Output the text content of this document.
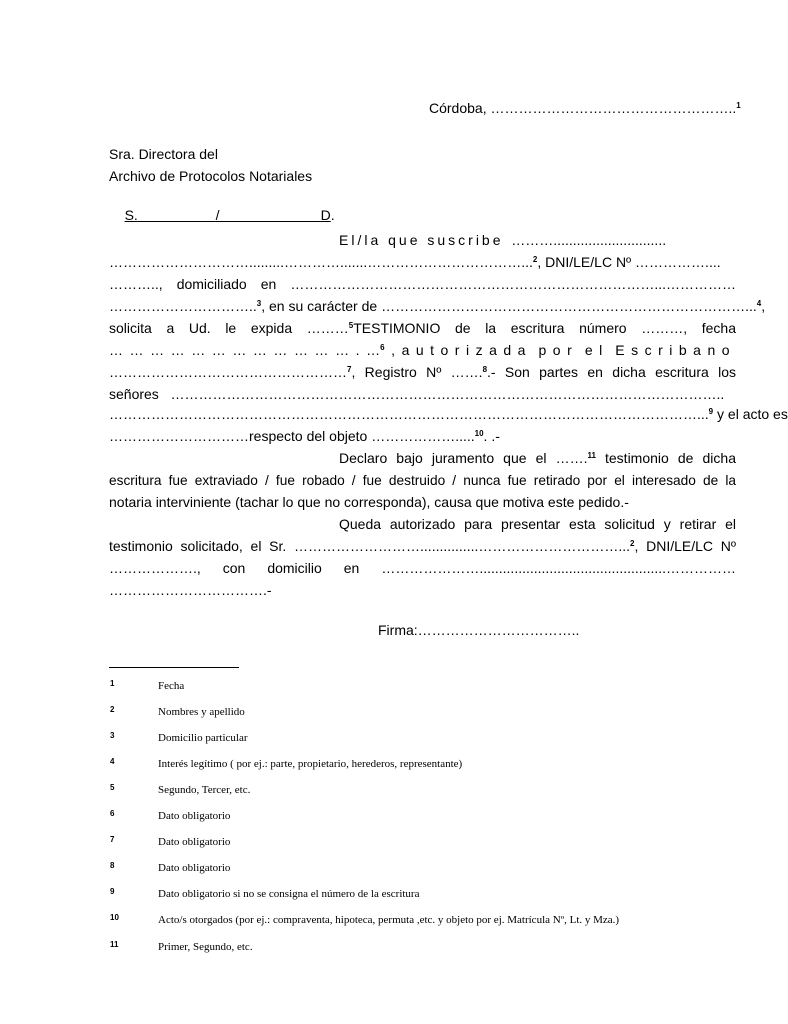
Córdoba, ……………………………………………..$^1$
Sra. Directora del
Archivo de Protocolos Notariales

S.	/	D.

El/la que suscribe ……….............................
………………………….........………….......……………………………...$^2$, DNI/LE/LC Nº ……………....
……….., domiciliado en ……………………………………………………………………...……………
…………………………..$^3$, en su carácter de ……………………………………………………………………...$^4$,
solicita a Ud. le expida ………$^5$TESTIMONIO de la escritura número ………, fecha
… … … … … … … … … … … … . …$^6$ , autorizada por el Escribano
……………………………………………$^7$, Registro Nº …….$^8$.- Son partes en dicha escritura los
señores ………………………………………………………………………………………………………..
………………………………………………………………………………………………………………...$^9$ y el acto es
…………………………respecto del objeto ……………….....$^{10}$. .-
Declaro bajo juramento que el …….$^{11}$ testimonio de dicha
escritura fue extraviado / fue robado / fue destruido / nunca fue retirado por el interesado de la
notaria interviniente (tachar lo que no corresponda), causa que motiva este pedido.-
Queda autorizado para presentar esta solicitud y retirar el
testimonio solicitado, el Sr. ………………………...............…………………………...$^2$, DNI/LE/LC Nº
………………., con domicilio en …………………................................................……………
…………………………….-
Firma:……………………………..
1	Fecha
2	Nombres y apellido
3	Domicilio particular
4	Interés legítimo ( por ej.: parte, propietario, herederos, representante)
5	Segundo, Tercer, etc.
6	Dato obligatorio
7	Dato obligatorio
8	Dato obligatorio
9	Dato obligatorio si no se consigna el número de la escritura
10	Acto/s otorgados (por ej.: compraventa, hipoteca, permuta ,etc. y objeto por ej. Matrícula Nº, Lt. y Mza.)
11	Primer, Segundo, etc.
